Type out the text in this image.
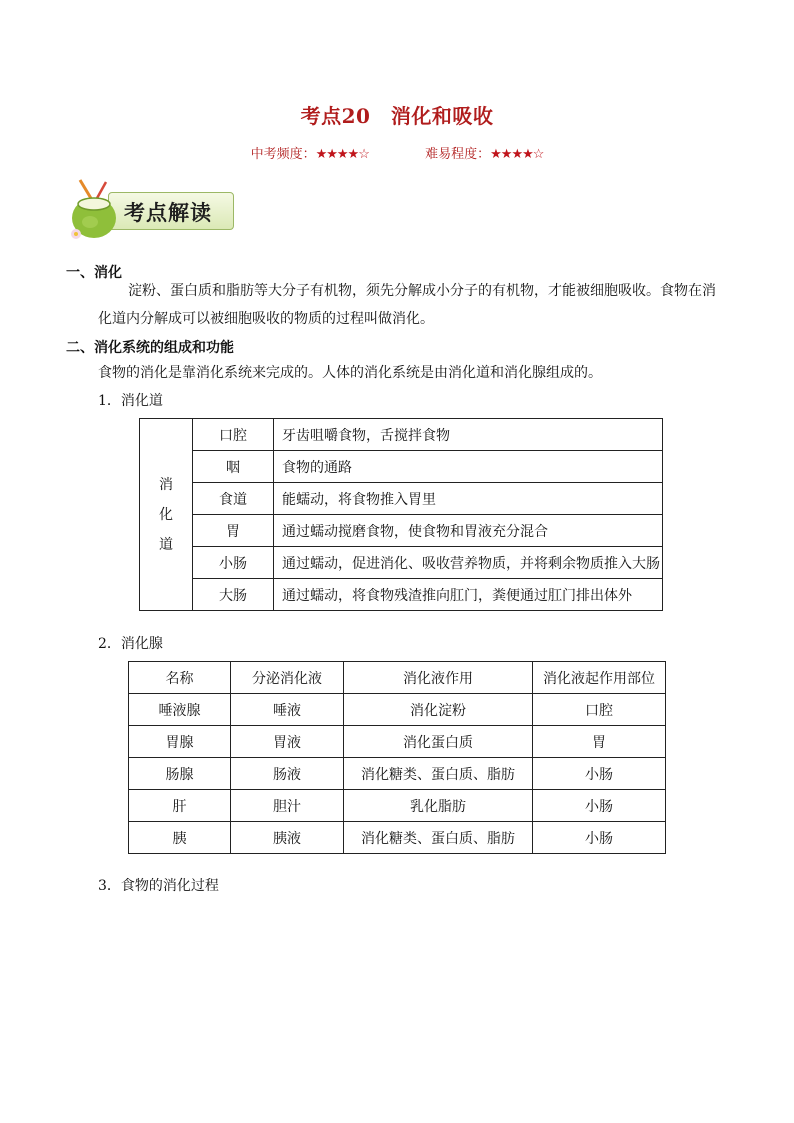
考点20　消化和吸收
中考频度：★★★★☆	难易程度：★★★★☆
考点解读
一、消化
淀粉、蛋白质和脂肪等大分子有机物，须先分解成小分子的有机物，才能被细胞吸收。食物在消
化道内分解成可以被细胞吸收的物质的过程叫做消化。
二、消化系统的组成和功能
食物的消化是靠消化系统来完成的。人体的消化系统是由消化道和消化腺组成的。
1．消化道
消
化
道	口腔	牙齿咀嚼食物，舌搅拌食物
	咽	食物的通路
	食道	能蠕动，将食物推入胃里
	胃	通过蠕动搅磨食物，使食物和胃液充分混合
	小肠	通过蠕动，促进消化、吸收营养物质，并将剩余物质推入大肠
	大肠	通过蠕动，将食物残渣推向肛门，粪便通过肛门排出体外
2．消化腺
名称	分泌消化液	消化液作用	消化液起作用部位
唾液腺	唾液	消化淀粉	口腔
胃腺	胃液	消化蛋白质	胃
肠腺	肠液	消化糖类、蛋白质、脂肪	小肠
肝	胆汁	乳化脂肪	小肠
胰	胰液	消化糖类、蛋白质、脂肪	小肠
3．食物的消化过程
